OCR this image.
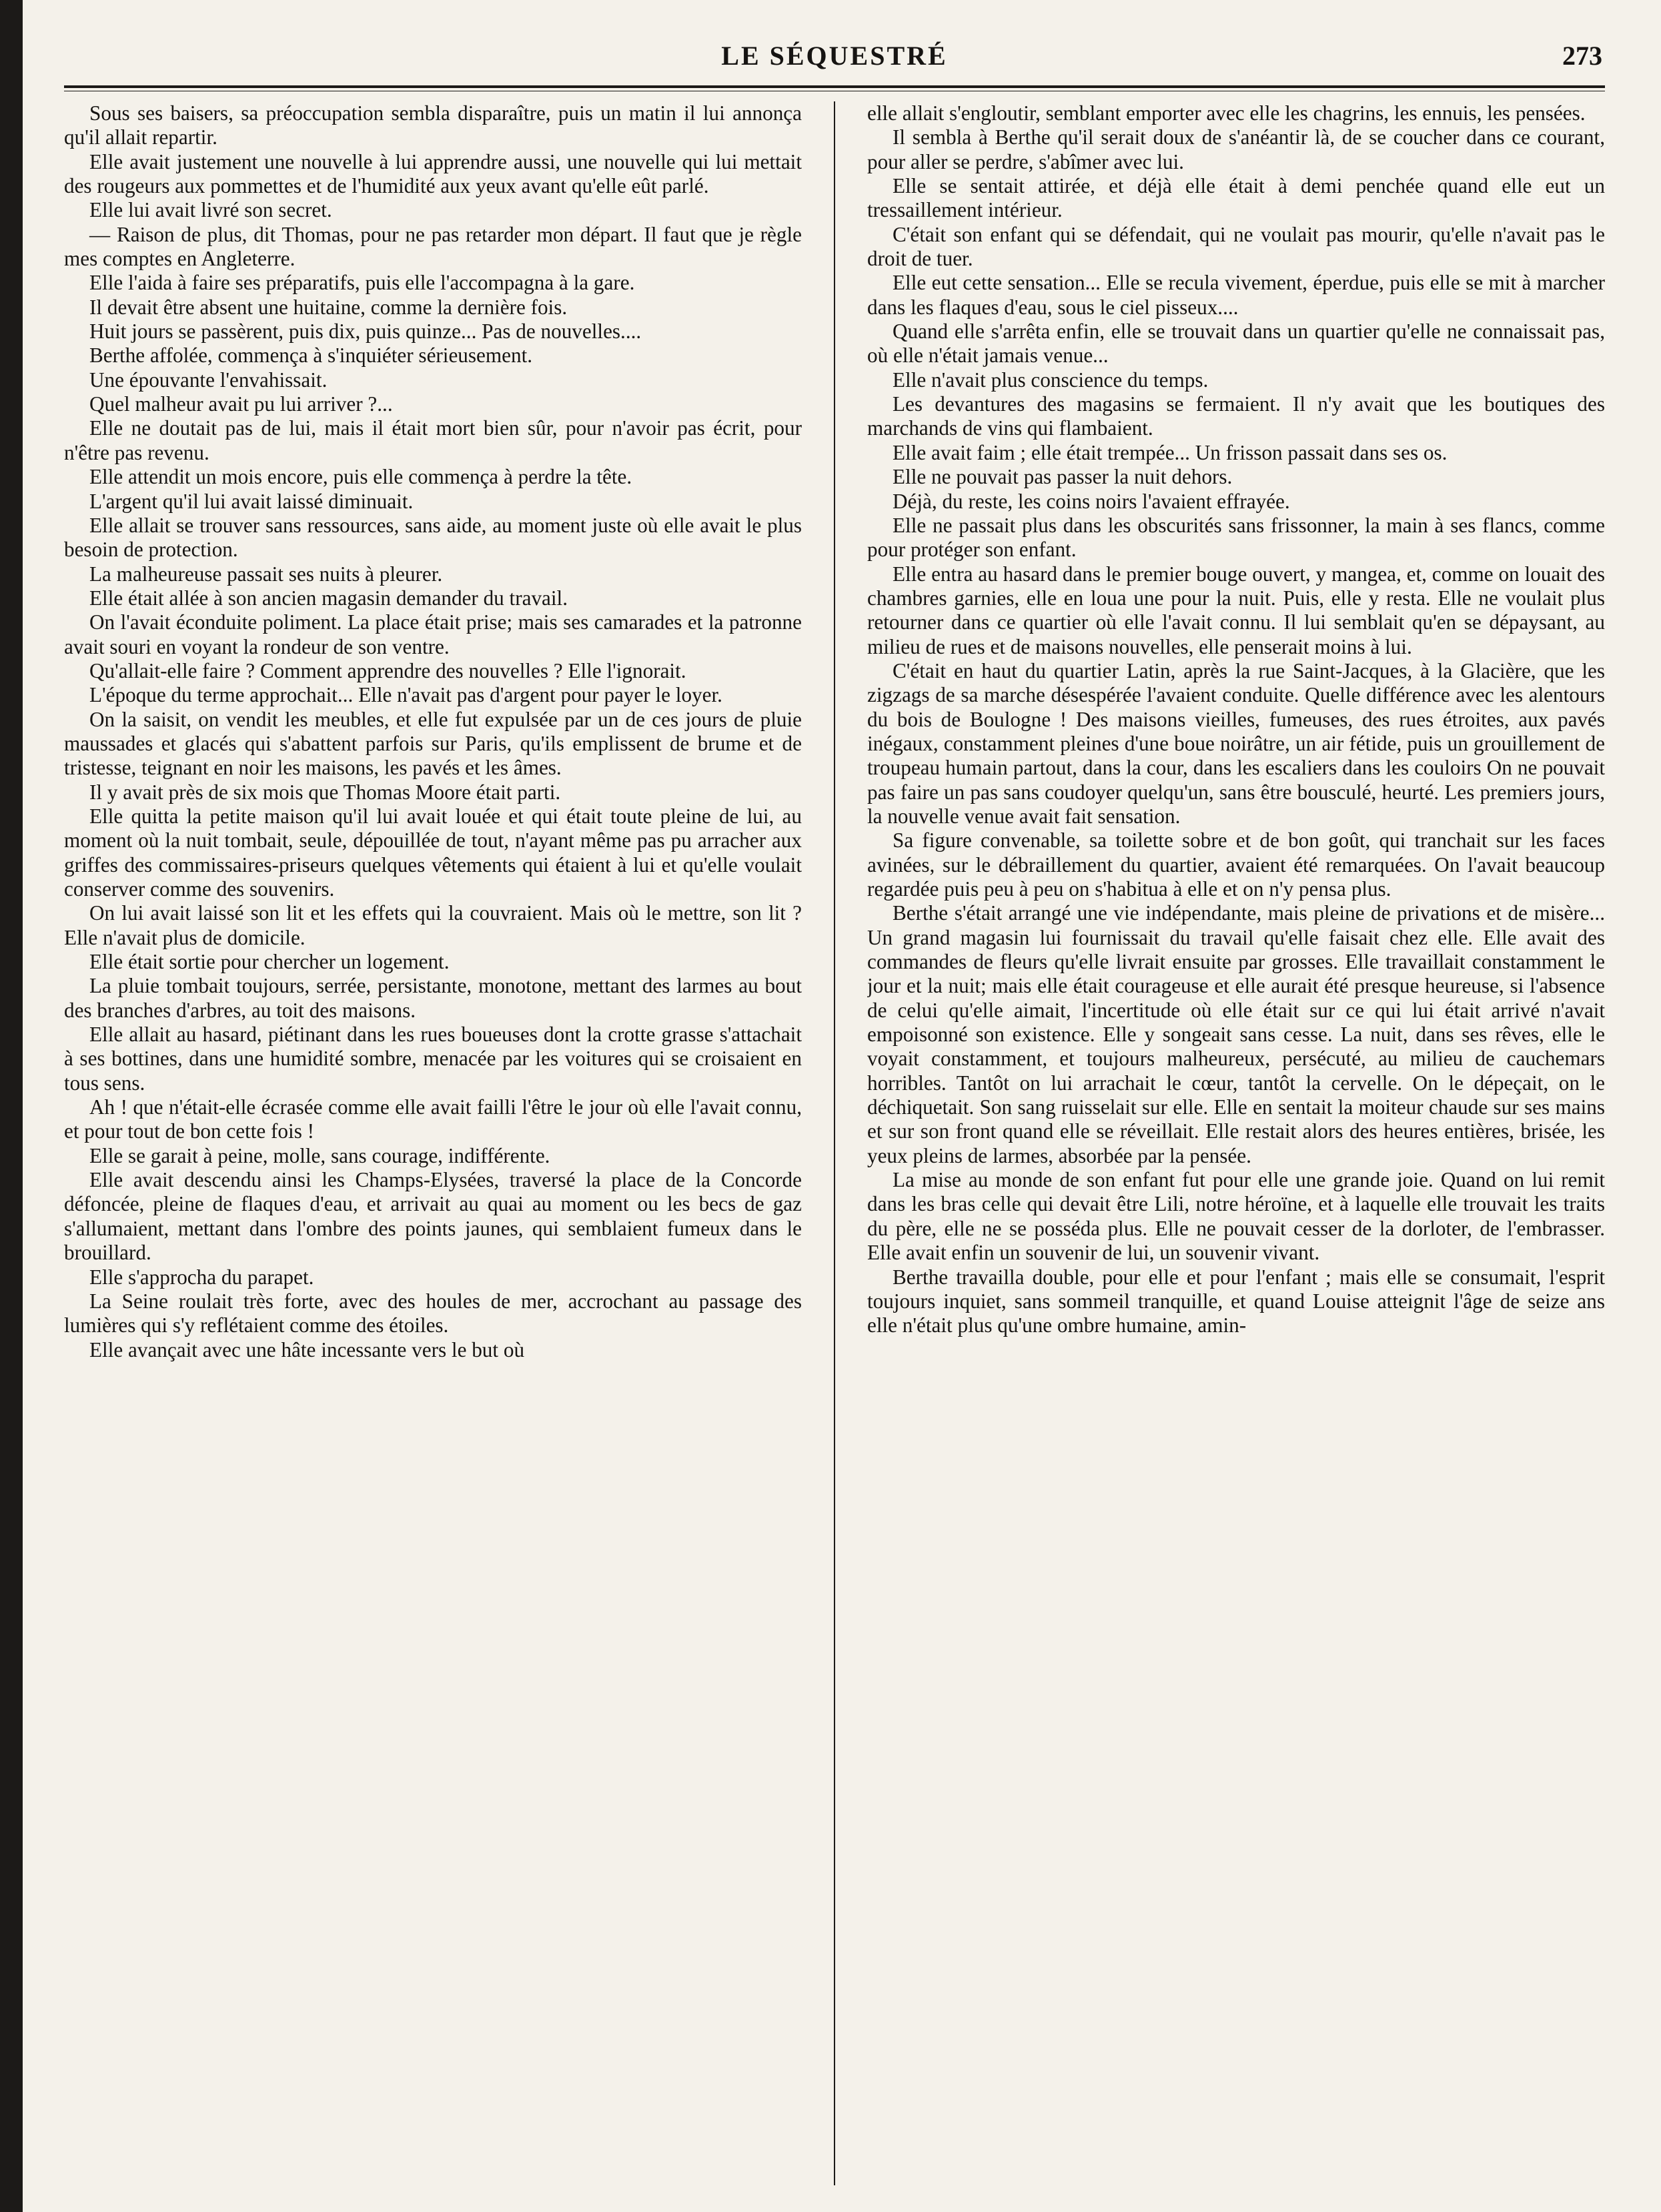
LE SÉQUESTRÉ	273

Sous ses baisers, sa préoccupation sembla disparaître, puis un matin il lui annonça qu'il allait repartir.

Elle avait justement une nouvelle à lui apprendre aussi, une nouvelle qui lui mettait des rougeurs aux pommettes et de l'humidité aux yeux avant qu'elle eût parlé.

Elle lui avait livré son secret.

— Raison de plus, dit Thomas, pour ne pas retarder mon départ. Il faut que je règle mes comptes en Angleterre.

Elle l'aida à faire ses préparatifs, puis elle l'accompagna à la gare.

Il devait être absent une huitaine, comme la dernière fois.

Huit jours se passèrent, puis dix, puis quinze... Pas de nouvelles....

Berthe affolée, commença à s'inquiéter sérieusement.

Une épouvante l'envahissait.

Quel malheur avait pu lui arriver ?...

Elle ne doutait pas de lui, mais il était mort bien sûr, pour n'avoir pas écrit, pour n'être pas revenu.

Elle attendit un mois encore, puis elle commença à perdre la tête.

L'argent qu'il lui avait laissé diminuait.

Elle allait se trouver sans ressources, sans aide, au moment juste où elle avait le plus besoin de protection.

La malheureuse passait ses nuits à pleurer.

Elle était allée à son ancien magasin demander du travail.

On l'avait éconduite poliment. La place était prise; mais ses camarades et la patronne avait souri en voyant la rondeur de son ventre.

Qu'allait-elle faire ? Comment apprendre des nouvelles ? Elle l'ignorait.

L'époque du terme approchait... Elle n'avait pas d'argent pour payer le loyer.

On la saisit, on vendit les meubles, et elle fut expulsée par un de ces jours de pluie maussades et glacés qui s'abattent parfois sur Paris, qu'ils emplissent de brume et de tristesse, teignant en noir les maisons, les pavés et les âmes.

Il y avait près de six mois que Thomas Moore était parti.

Elle quitta la petite maison qu'il lui avait louée et qui était toute pleine de lui, au moment où la nuit tombait, seule, dépouillée de tout, n'ayant même pas pu arracher aux griffes des commissaires-priseurs quelques vêtements qui étaient à lui et qu'elle voulait conserver comme des souvenirs.

On lui avait laissé son lit et les effets qui la couvraient. Mais où le mettre, son lit ? Elle n'avait plus de domicile.

Elle était sortie pour chercher un logement.

La pluie tombait toujours, serrée, persistante, monotone, mettant des larmes au bout des branches d'arbres, au toit des maisons.

Elle allait au hasard, piétinant dans les rues boueuses dont la crotte grasse s'attachait à ses bottines, dans une humidité sombre, menacée par les voitures qui se croisaient en tous sens.

Ah ! que n'était-elle écrasée comme elle avait failli l'être le jour où elle l'avait connu, et pour tout de bon cette fois !

Elle se garait à peine, molle, sans courage, indifférente.

Elle avait descendu ainsi les Champs-Elysées, traversé la place de la Concorde défoncée, pleine de flaques d'eau, et arrivait au quai au moment ou les becs de gaz s'allumaient, mettant dans l'ombre des points jaunes, qui semblaient fumeux dans le brouillard.

Elle s'approcha du parapet.

La Seine roulait très forte, avec des houles de mer, accrochant au passage des lumières qui s'y reflétaient comme des étoiles.

Elle avançait avec une hâte incessante vers le but où

elle allait s'engloutir, semblant emporter avec elle les chagrins, les ennuis, les pensées.

Il sembla à Berthe qu'il serait doux de s'anéantir là, de se coucher dans ce courant, pour aller se perdre, s'abîmer avec lui.

Elle se sentait attirée, et déjà elle était à demi penchée quand elle eut un tressaillement intérieur.

C'était son enfant qui se défendait, qui ne voulait pas mourir, qu'elle n'avait pas le droit de tuer.

Elle eut cette sensation... Elle se recula vivement, éperdue, puis elle se mit à marcher dans les flaques d'eau, sous le ciel pisseux....

Quand elle s'arrêta enfin, elle se trouvait dans un quartier qu'elle ne connaissait pas, où elle n'était jamais venue...

Elle n'avait plus conscience du temps.

Les devantures des magasins se fermaient. Il n'y avait que les boutiques des marchands de vins qui flambaient.

Elle avait faim ; elle était trempée... Un frisson passait dans ses os.

Elle ne pouvait pas passer la nuit dehors.

Déjà, du reste, les coins noirs l'avaient effrayée.

Elle ne passait plus dans les obscurités sans frissonner, la main à ses flancs, comme pour protéger son enfant.

Elle entra au hasard dans le premier bouge ouvert, y mangea, et, comme on louait des chambres garnies, elle en loua une pour la nuit. Puis, elle y resta. Elle ne voulait plus retourner dans ce quartier où elle l'avait connu. Il lui semblait qu'en se dépaysant, au milieu de rues et de maisons nouvelles, elle penserait moins à lui.

C'était en haut du quartier Latin, après la rue Saint-Jacques, à la Glacière, que les zigzags de sa marche désespérée l'avaient conduite. Quelle différence avec les alentours du bois de Boulogne ! Des maisons vieilles, fumeuses, des rues étroites, aux pavés inégaux, constamment pleines d'une boue noirâtre, un air fétide, puis un grouillement de troupeau humain partout, dans la cour, dans les escaliers dans les couloirs On ne pouvait pas faire un pas sans coudoyer quelqu'un, sans être bousculé, heurté. Les premiers jours, la nouvelle venue avait fait sensation.

Sa figure convenable, sa toilette sobre et de bon goût, qui tranchait sur les faces avinées, sur le débraillement du quartier, avaient été remarquées. On l'avait beaucoup regardée puis peu à peu on s'habitua à elle et on n'y pensa plus.

Berthe s'était arrangé une vie indépendante, mais pleine de privations et de misère... Un grand magasin lui fournissait du travail qu'elle faisait chez elle. Elle avait des commandes de fleurs qu'elle livrait ensuite par grosses. Elle travaillait constamment le jour et la nuit; mais elle était courageuse et elle aurait été presque heureuse, si l'absence de celui qu'elle aimait, l'incertitude où elle était sur ce qui lui était arrivé n'avait empoisonné son existence. Elle y songeait sans cesse. La nuit, dans ses rêves, elle le voyait constamment, et toujours malheureux, persécuté, au milieu de cauchemars horribles. Tantôt on lui arrachait le cœur, tantôt la cervelle. On le dépeçait, on le déchiquetait. Son sang ruisselait sur elle. Elle en sentait la moiteur chaude sur ses mains et sur son front quand elle se réveillait. Elle restait alors des heures entières, brisée, les yeux pleins de larmes, absorbée par la pensée.

La mise au monde de son enfant fut pour elle une grande joie. Quand on lui remit dans les bras celle qui devait être Lili, notre héroïne, et à laquelle elle trouvait les traits du père, elle ne se posséda plus. Elle ne pouvait cesser de la dorloter, de l'embrasser. Elle avait enfin un souvenir de lui, un souvenir vivant.

Berthe travailla double, pour elle et pour l'enfant ; mais elle se consumait, l'esprit toujours inquiet, sans sommeil tranquille, et quand Louise atteignit l'âge de seize ans elle n'était plus qu'une ombre humaine, amin-
